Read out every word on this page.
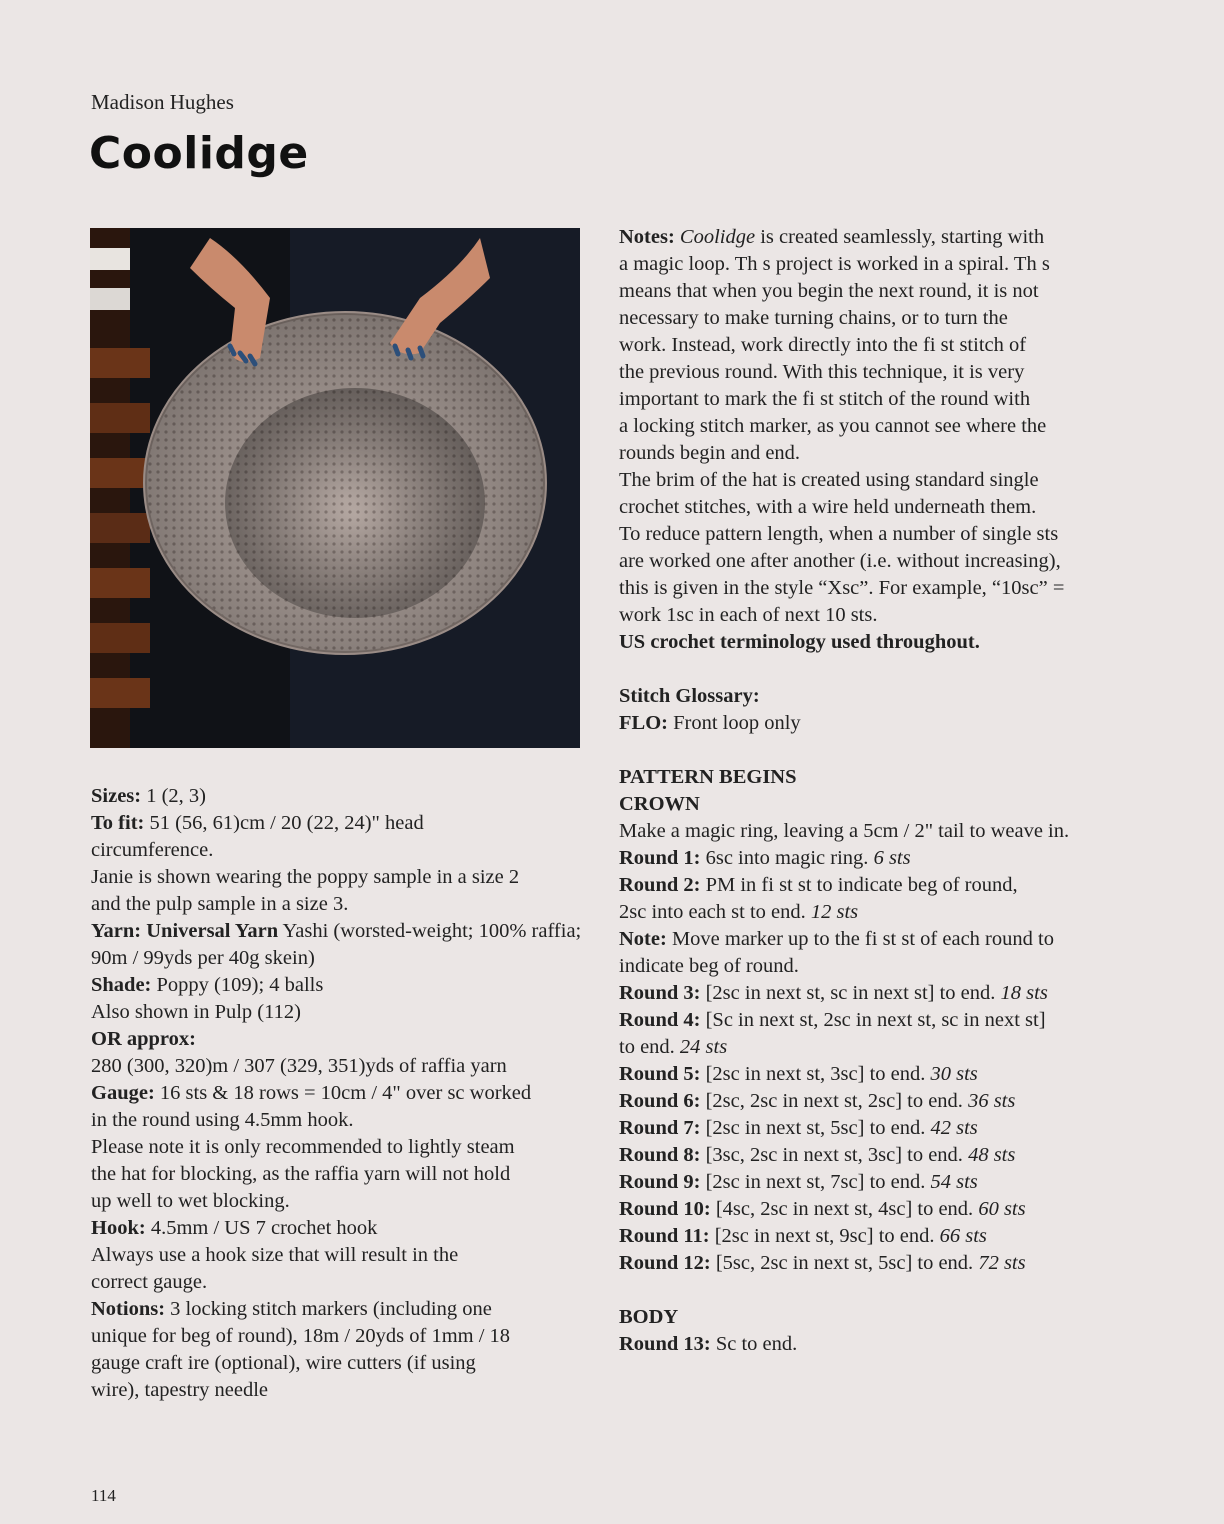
Madison Hughes
Coolidge
Sizes: 1 (2, 3)
To fit: 51 (56, 61)cm / 20 (22, 24)" head
circumference.
Janie is shown wearing the poppy sample in a size 2
and the pulp sample in a size 3.
Yarn: Universal Yarn Yashi (worsted-weight; 100% raffia;
90m / 99yds per 40g skein)
Shade: Poppy (109); 4 balls
Also shown in Pulp (112)
OR approx:
280 (300, 320)m / 307 (329, 351)yds of raffia yarn
Gauge: 16 sts & 18 rows = 10cm / 4" over sc worked
in the round using 4.5mm hook.
Please note it is only recommended to lightly steam
the hat for blocking, as the raffia yarn will not hold
up well to wet blocking.
Hook: 4.5mm / US 7 crochet hook
Always use a hook size that will result in the
correct gauge.
Notions: 3 locking stitch markers (including one
unique for beg of round), 18m / 20yds of 1mm / 18
gauge craft ire (optional), wire cutters (if using
wire), tapestry needle
Notes: Coolidge is created seamlessly, starting with
a magic loop. Th s project is worked in a spiral. Th s
means that when you begin the next round, it is not
necessary to make turning chains, or to turn the
work. Instead, work directly into the fi st stitch of
the previous round. With this technique, it is very
important to mark the fi st stitch of the round with
a locking stitch marker, as you cannot see where the
rounds begin and end.
The brim of the hat is created using standard single
crochet stitches, with a wire held underneath them.
To reduce pattern length, when a number of single sts
are worked one after another (i.e. without increasing),
this is given in the style “Xsc”. For example, “10sc” =
work 1sc in each of next 10 sts.
US crochet terminology used throughout.
Stitch Glossary:
FLO: Front loop only
PATTERN BEGINS
CROWN
Make a magic ring, leaving a 5cm / 2" tail to weave in.
Round 1: 6sc into magic ring. 6 sts
Round 2: PM in fi st st to indicate beg of round,
2sc into each st to end. 12 sts
Note: Move marker up to the fi st st of each round to
indicate beg of round.
Round 3: [2sc in next st, sc in next st] to end. 18 sts
Round 4: [Sc in next st, 2sc in next st, sc in next st]
to end. 24 sts
Round 5: [2sc in next st, 3sc] to end. 30 sts
Round 6: [2sc, 2sc in next st, 2sc] to end. 36 sts
Round 7: [2sc in next st, 5sc] to end. 42 sts
Round 8: [3sc, 2sc in next st, 3sc] to end. 48 sts
Round 9: [2sc in next st, 7sc] to end. 54 sts
Round 10: [4sc, 2sc in next st, 4sc] to end. 60 sts
Round 11: [2sc in next st, 9sc] to end. 66 sts
Round 12: [5sc, 2sc in next st, 5sc] to end. 72 sts
BODY
Round 13: Sc to end.
114
